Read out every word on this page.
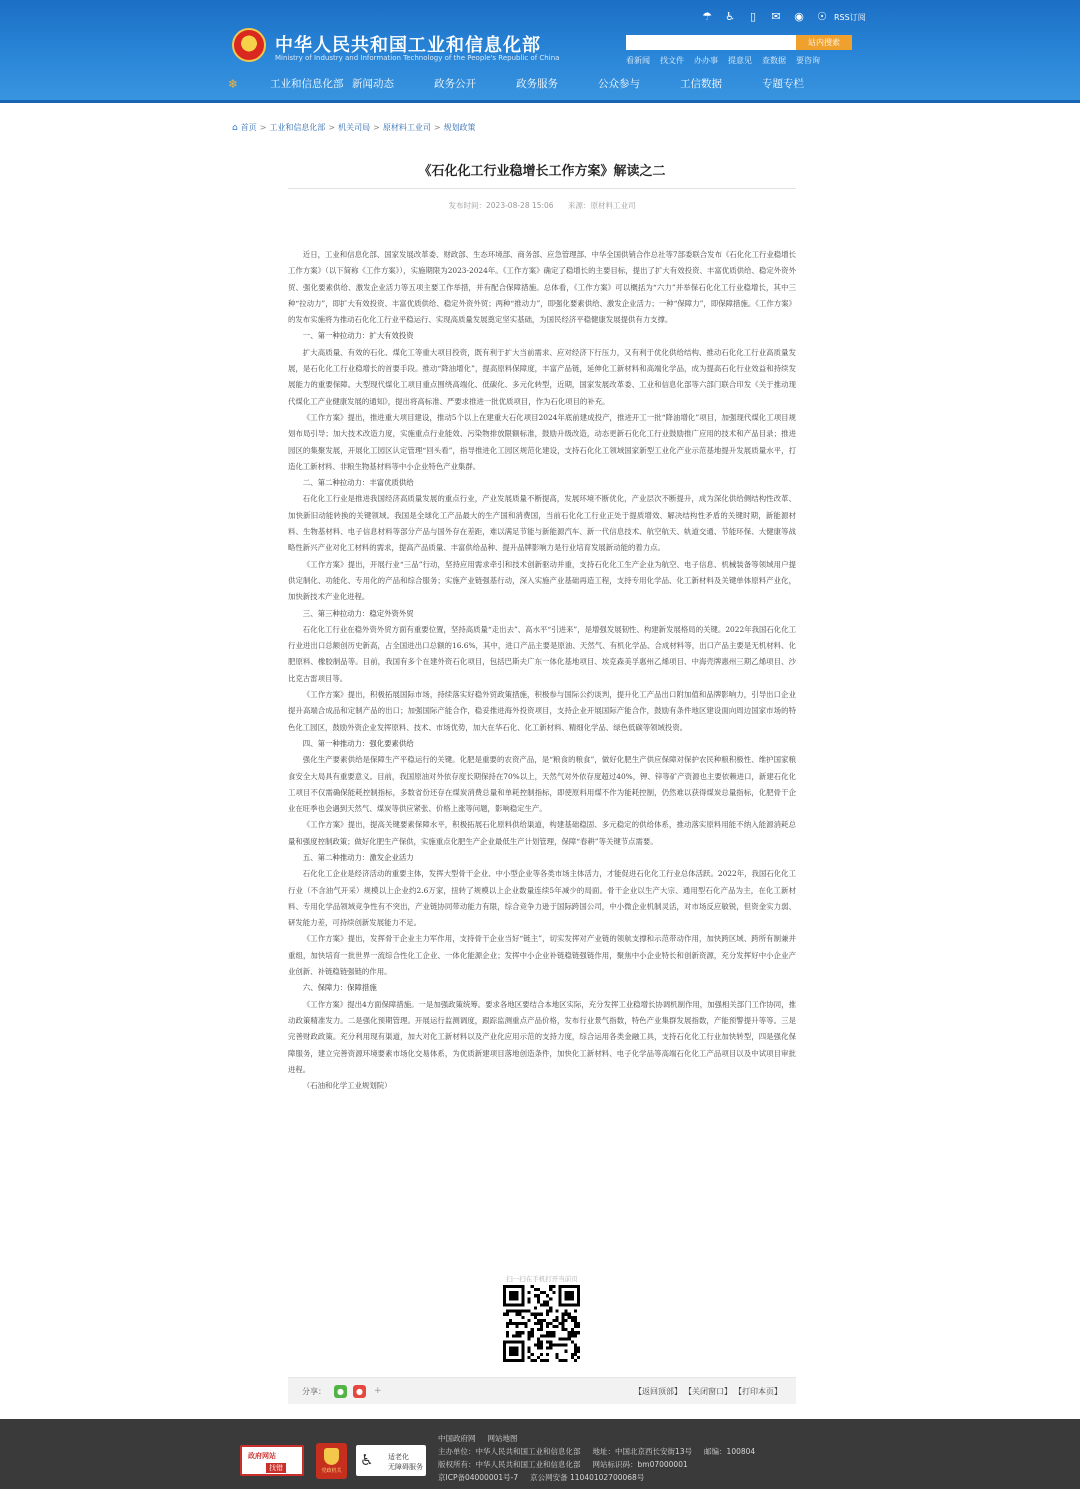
中华人民共和国工业和信息化部
Ministry of Industry and Information Technology of the People's Republic of China
☂ ♿	▯	✉ ◉ ☉ RSS订阅
站内搜索
看新闻 找文件 办办事 提意见 查数据 要咨询
❄	工业和信息化部 新闻动态	政务公开	政务服务	公众参与	工信数据	专题专栏
⌂ 首页 > 工业和信息化部 > 机关司局 > 原材料工业司 > 规划政策
《石化化工行业稳增长工作方案》解读之二
发布时间：2023-08-28 15:06 来源：原材料工业司

近日，工业和信息化部、国家发展改革委、财政部、生态环境部、商务部、应急管理部、中华全国供销合作总社等7部委联合发布《石化化工行业稳增长工作方案》（以下简称《工作方案》），实施期限为2023-2024年。《工作方案》确定了稳增长的主要目标，提出了扩大有效投资、丰富优质供给、稳定外资外贸、强化要素供给、激发企业活力等五项主要工作举措，并有配合保障措施。总体看，《工作方案》可以概括为“六力”并举保石化化工行业稳增长，其中三种“拉动力”，即扩大有效投资、丰富优质供给、稳定外资外贸；两种“推动力”，即强化要素供给、激发企业活力；一种“保障力”，即保障措施。《工作方案》的发布实施将为推动石化化工行业平稳运行、实现高质量发展奠定坚实基础，为国民经济平稳健康发展提供有力支撑。

一、第一种拉动力：扩大有效投资

扩大高质量、有效的石化、煤化工等重大项目投资，既有利于扩大当前需求、应对经济下行压力，又有利于优化供给结构、推动石化化工行业高质量发展，是石化化工行业稳增长的首要手段。推动“降油增化”，提高原料保障度，丰富产品链，延伸化工新材料和高端化学品，成为提高石化行业效益和持续发展能力的重要保障。大型现代煤化工项目重点围绕高端化、低碳化、多元化转型，近期，国家发展改革委、工业和信息化部等六部门联合印发《关于推动现代煤化工产业健康发展的通知》，提出将高标准、严要求推进一批优质项目，作为石化项目的补充。

《工作方案》提出，推进重大项目建设，推动5个以上在建重大石化项目2024年底前建成投产，推进开工一批“降油增化”项目，加强现代煤化工项目规划布局引导；加大技术改造力度，实施重点行业能效、污染物排放限额标准，鼓励升级改造，动态更新石化化工行业鼓励推广应用的技术和产品目录；推进园区的集聚发展，开展化工园区认定管理“回头看”，指导推进化工园区规范化建设，支持石化化工领域国家新型工业化产业示范基地提升发展质量水平，打造化工新材料、非粮生物基材料等中小企业特色产业集群。

二、第二种拉动力：丰富优质供给

石化化工行业是推进我国经济高质量发展的重点行业，产业发展质量不断提高，发展环境不断优化，产业层次不断提升，成为深化供给侧结构性改革、加快新旧动能转换的关键领域。我国是全球化工产品最大的生产国和消费国，当前石化化工行业正处于提质增效、解决结构性矛盾的关键时期，新能源材料、生物基材料、电子信息材料等部分产品与国外存在差距，难以满足节能与新能源汽车、新一代信息技术、航空航天、轨道交通、节能环保、大健康等战略性新兴产业对化工材料的需求，提高产品质量、丰富供给品种、提升品牌影响力是行业培育发展新动能的着力点。

《工作方案》提出，开展行业“三品”行动，坚持应用需求牵引和技术创新驱动并重，支持石化化工生产企业为航空、电子信息、机械装备等领域用户提供定制化、功能化、专用化的产品和综合服务；实施产业链强基行动，深入实施产业基础再造工程，支持专用化学品、化工新材料及关键单体原料产业化，加快新技术产业化进程。

三、第三种拉动力：稳定外资外贸

石化化工行业在稳外资外贸方面有重要位置，坚持高质量“走出去”、高水平“引进来”，是增强发展韧性、构建新发展格局的关键。2022年我国石化化工行业进出口总额创历史新高，占全国进出口总额的16.6%，其中，进口产品主要是原油、天然气、有机化学品、合成材料等，出口产品主要是无机材料、化肥原料、橡胶制品等。目前，我国有多个在建外资石化项目，包括巴斯夫广东一体化基地项目、埃克森美孚惠州乙烯项目、中海壳牌惠州三期乙烯项目、沙比克古雷项目等。

《工作方案》提出，积极拓展国际市场，持续落实好稳外贸政策措施，积极参与国际公约谈判，提升化工产品出口附加值和品牌影响力，引导出口企业提升高端合成品和定制产品的出口；加强国际产能合作，稳妥推进海外投资项目，支持企业开展国际产能合作，鼓励有条件地区建设面向周边国家市场的特色化工园区，鼓励外资企业发挥原料、技术、市场优势，加大在华石化、化工新材料、精细化学品、绿色低碳等领域投资。

四、第一种推动力：强化要素供给

强化生产要素供给是保障生产平稳运行的关键。化肥是重要的农资产品，是“粮食的粮食”，做好化肥生产供应保障对保护农民种粮积极性、维护国家粮食安全大局具有重要意义。目前，我国原油对外依存度长期保持在70%以上，天然气对外依存度超过40%，钾、锌等矿产资源也主要依赖进口，新建石化化工项目不仅需确保能耗控制指标，多数省份还存在煤炭消费总量和单耗控制指标，即使原料用煤不作为能耗控制，仍然难以获得煤炭总量指标，化肥骨干企业在旺季也会遇到天然气、煤炭等供应紧张、价格上涨等问题，影响稳定生产。

《工作方案》提出，提高关键要素保障水平，积极拓展石化原料供给渠道，构建基础稳固、多元稳定的供给体系，推动落实原料用能不纳入能源消耗总量和强度控制政策；做好化肥生产保供，实施重点化肥生产企业最低生产计划管理，保障“春耕”等关键节点需要。

五、第二种推动力：激发企业活力

石化化工企业是经济活动的重要主体，发挥大型骨干企业、中小型企业等各类市场主体活力，才能促进石化化工行业总体活跃。2022年，我国石化化工行业（不含油气开采）规模以上企业约2.6万家，扭转了规模以上企业数量连续5年减少的局面。骨干企业以生产大宗、通用型石化产品为主，在化工新材料、专用化学品领域竞争性有不突出，产业链协同带动能力有限，综合竞争力逊于国际跨国公司，中小微企业机制灵活，对市场反应敏锐，但资金实力弱、研发能力差，可持续创新发展能力不足。

《工作方案》提出，发挥骨干企业主力军作用，支持骨干企业当好“链主”，切实发挥对产业链的领航支撑和示范带动作用，加快跨区域、跨所有制兼并重组，加快培育一批世界一流综合性化工企业、一体化能源企业；发挥中小企业补链稳链强链作用，聚焦中小企业特长和创新资源，充分发挥好中小企业产业创新、补链稳链强链的作用。

六、保障力：保障措施

《工作方案》提出4方面保障措施。一是加强政策统筹。要求各地区要结合本地区实际，充分发挥工业稳增长协调机制作用，加强相关部门工作协同，推动政策精准发力。二是强化预期管理。开展运行监测调度，跟踪监测重点产品价格，发布行业景气指数，特色产业集群发展指数，产能预警提升等等。三是完善财政政策。充分利用现有渠道，加大对化工新材料以及产业化应用示范的支持力度，综合运用各类金融工具，支持石化化工行业加快转型，四是强化保障服务，建立完善资源环境要素市场化交易体系，为优质新建项目落地创造条件，加快化工新材料、电子化学品等高端石化化工产品项目以及中试项目审批进程。

（石油和化学工业规划院）

扫一扫在手机打开当前页
分享：	●	●	+	【返回顶部】 【关闭窗口】 【打印本页】
政府网站
找错	党政机关
♿ 适老化
无障碍服务
中国政府网 网站地图
主办单位：中华人民共和国工业和信息化部 地址：中国北京西长安街13号 邮编：100804
版权所有：中华人民共和国工业和信息化部 网站标识码：bm07000001
京ICP备04000001号-7 京公网安备 11040102700068号
